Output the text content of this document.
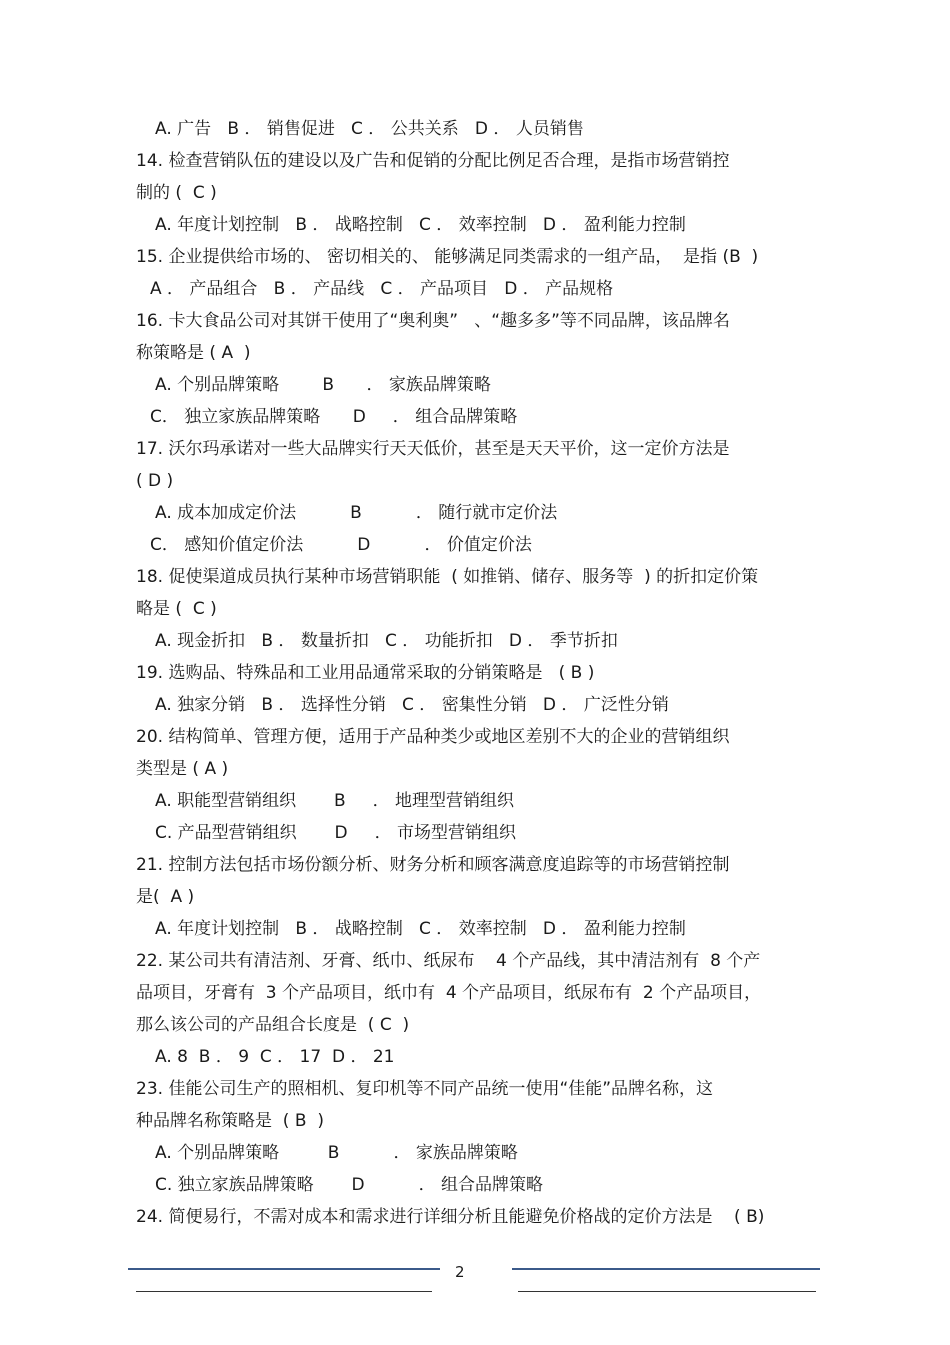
A. 广告   B ． 销售促进   C ． 公共关系   D ． 人员销售
14. 检查营销队伍的建设以及广告和促销的分配比例足否合理，是指市场营销控
制的 (  C )
A. 年度计划控制   B ． 战略控制   C ． 效率控制   D ． 盈利能力控制
15. 企业提供给市场的、 密切相关的、 能够满足同类需求的一组产品，  是指 (B  )
A ． 产品组合   B ． 产品线   C ． 产品项目   D ． 产品规格
16. 卡大食品公司对其饼干使用了“奥利奥”   、“趣多多”等不同品牌，该品牌名
称策略是 ( A  )
A. 个别品牌策略        B      ． 家族品牌策略
C． 独立家族品牌策略      D     ． 组合品牌策略
17. 沃尔玛承诺对一些大品牌实行天天低价，甚至是天天平价，这一定价方法是
( D )
A. 成本加成定价法          B          ． 随行就市定价法
C． 感知价值定价法          D          ． 价值定价法
18. 促使渠道成员执行某种市场营销职能  ( 如推销、储存、服务等  ) 的折扣定价策
略是 (  C )
A. 现金折扣   B ． 数量折扣   C ． 功能折扣   D ． 季节折扣
19. 选购品、特殊品和工业用品通常采取的分销策略是   ( B )
A. 独家分销   B ． 选择性分销   C ． 密集性分销   D ． 广泛性分销
20. 结构简单、管理方便，适用于产品种类少或地区差别不大的企业的营销组织
类型是 ( A )
A. 职能型营销组织       B     ． 地理型营销组织
C. 产品型营销组织       D     ． 市场型营销组织
21. 控制方法包括市场份额分析、财务分析和顾客满意度追踪等的市场营销控制
是(  A )
A. 年度计划控制   B ． 战略控制   C ． 效率控制   D ． 盈利能力控制
22. 某公司共有清洁剂、牙膏、纸巾、纸尿布    4 个产品线，其中清洁剂有  8 个产
品项目，牙膏有  3 个产品项目，纸巾有  4 个产品项目，纸尿布有  2 个产品项目，
那么该公司的产品组合长度是  ( C  )
A. 8  B ． 9  C ． 17  D ． 21
23. 佳能公司生产的照相机、复印机等不同产品统一使用“佳能”品牌名称，这
种品牌名称策略是  ( B  )
A. 个别品牌策略         B          ． 家族品牌策略
C. 独立家族品牌策略       D          ． 组合品牌策略
24. 简便易行，不需对成本和需求进行详细分析且能避免价格战的定价方法是    ( B)
2
